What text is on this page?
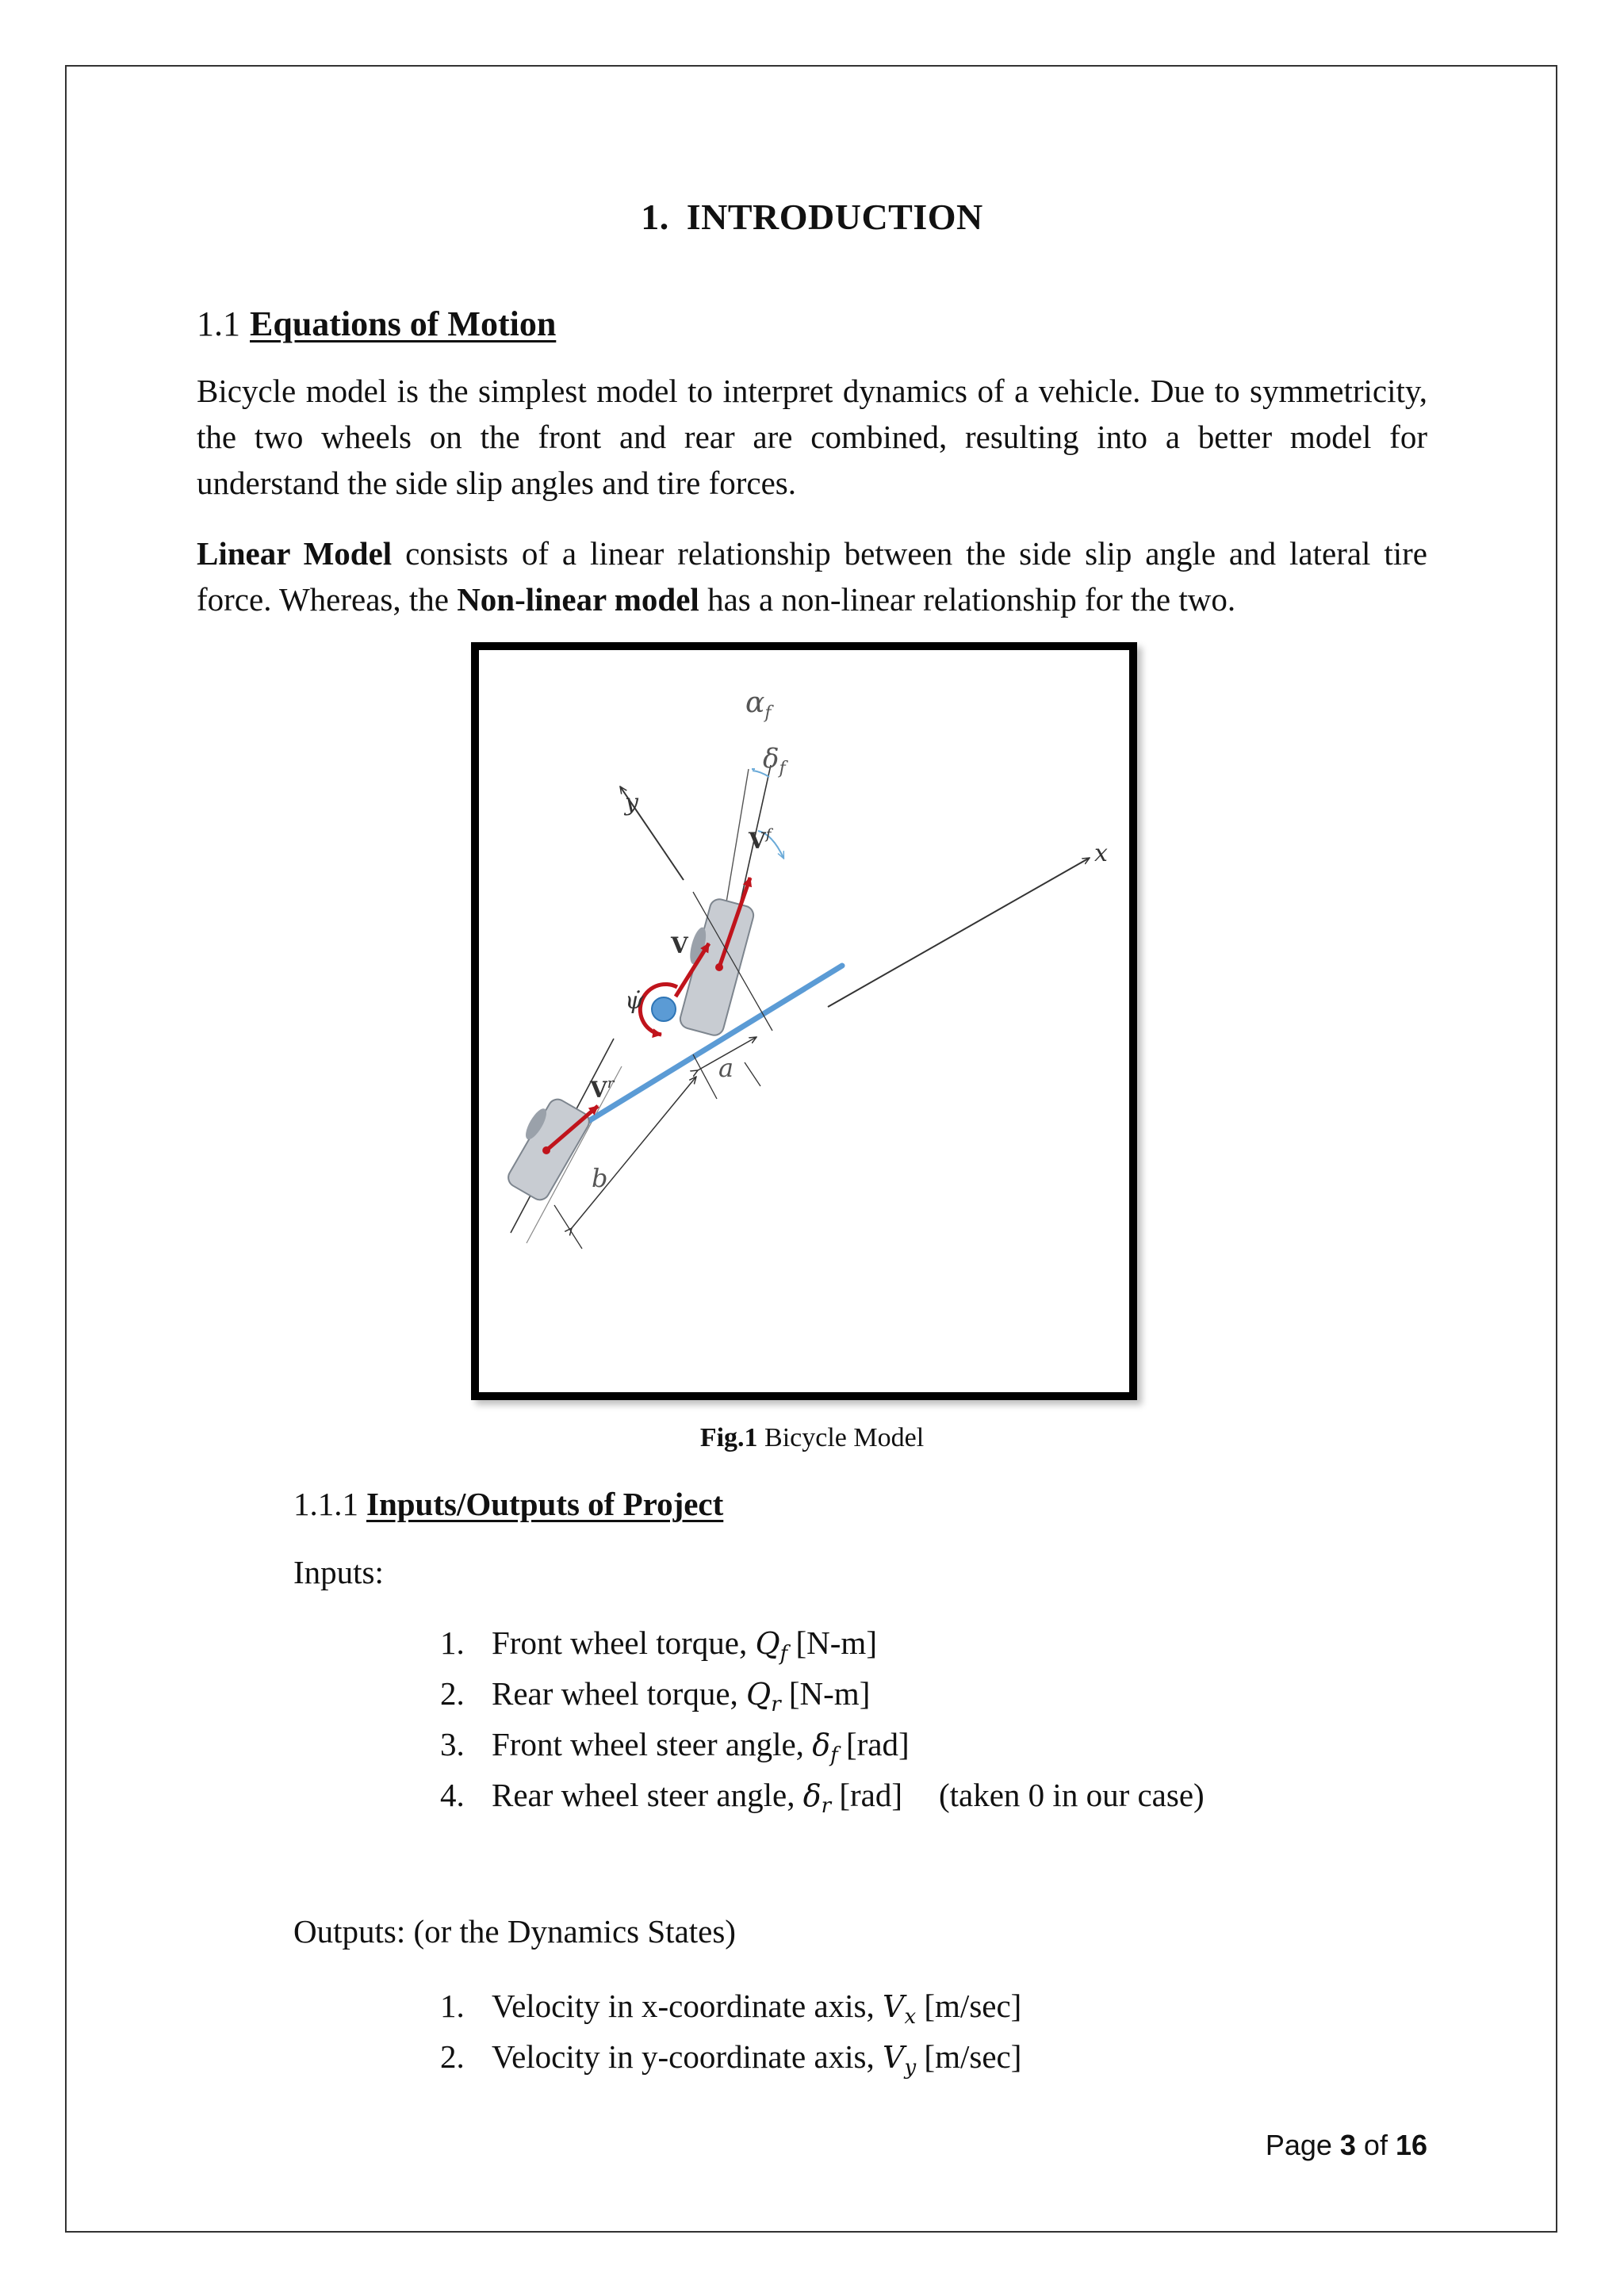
1. INTRODUCTION
1.1 Equations of Motion
Bicycle model is the simplest model to interpret dynamics of a vehicle. Due to symmetricity, the two wheels on the front and rear are combined, resulting into a better model for understand the side slip angles and tire forces.
Linear Model consists of a linear relationship between the side slip angle and lateral tire force. Whereas, the Non-linear model has a non-linear relationship for the two.
$\alpha_f$
$\delta_f$
x
y
$V^f$
V
$V^r$
ψ̇
a
b
Fig.1 Bicycle Model
1.1.1 Inputs/Outputs of Project
Inputs:
1. Front wheel torque, $Q_f$ [N-m]
2. Rear wheel torque, $Q_r$ [N-m]
3. Front wheel steer angle, $\delta_f$ [rad]
4. Rear wheel steer angle, $\delta_r$ [rad] (taken 0 in our case)
Outputs: (or the Dynamics States)
1. Velocity in x-coordinate axis, $V_x$ [m/sec]
2. Velocity in y-coordinate axis, $V_y$ [m/sec]
Page 3 of 16
